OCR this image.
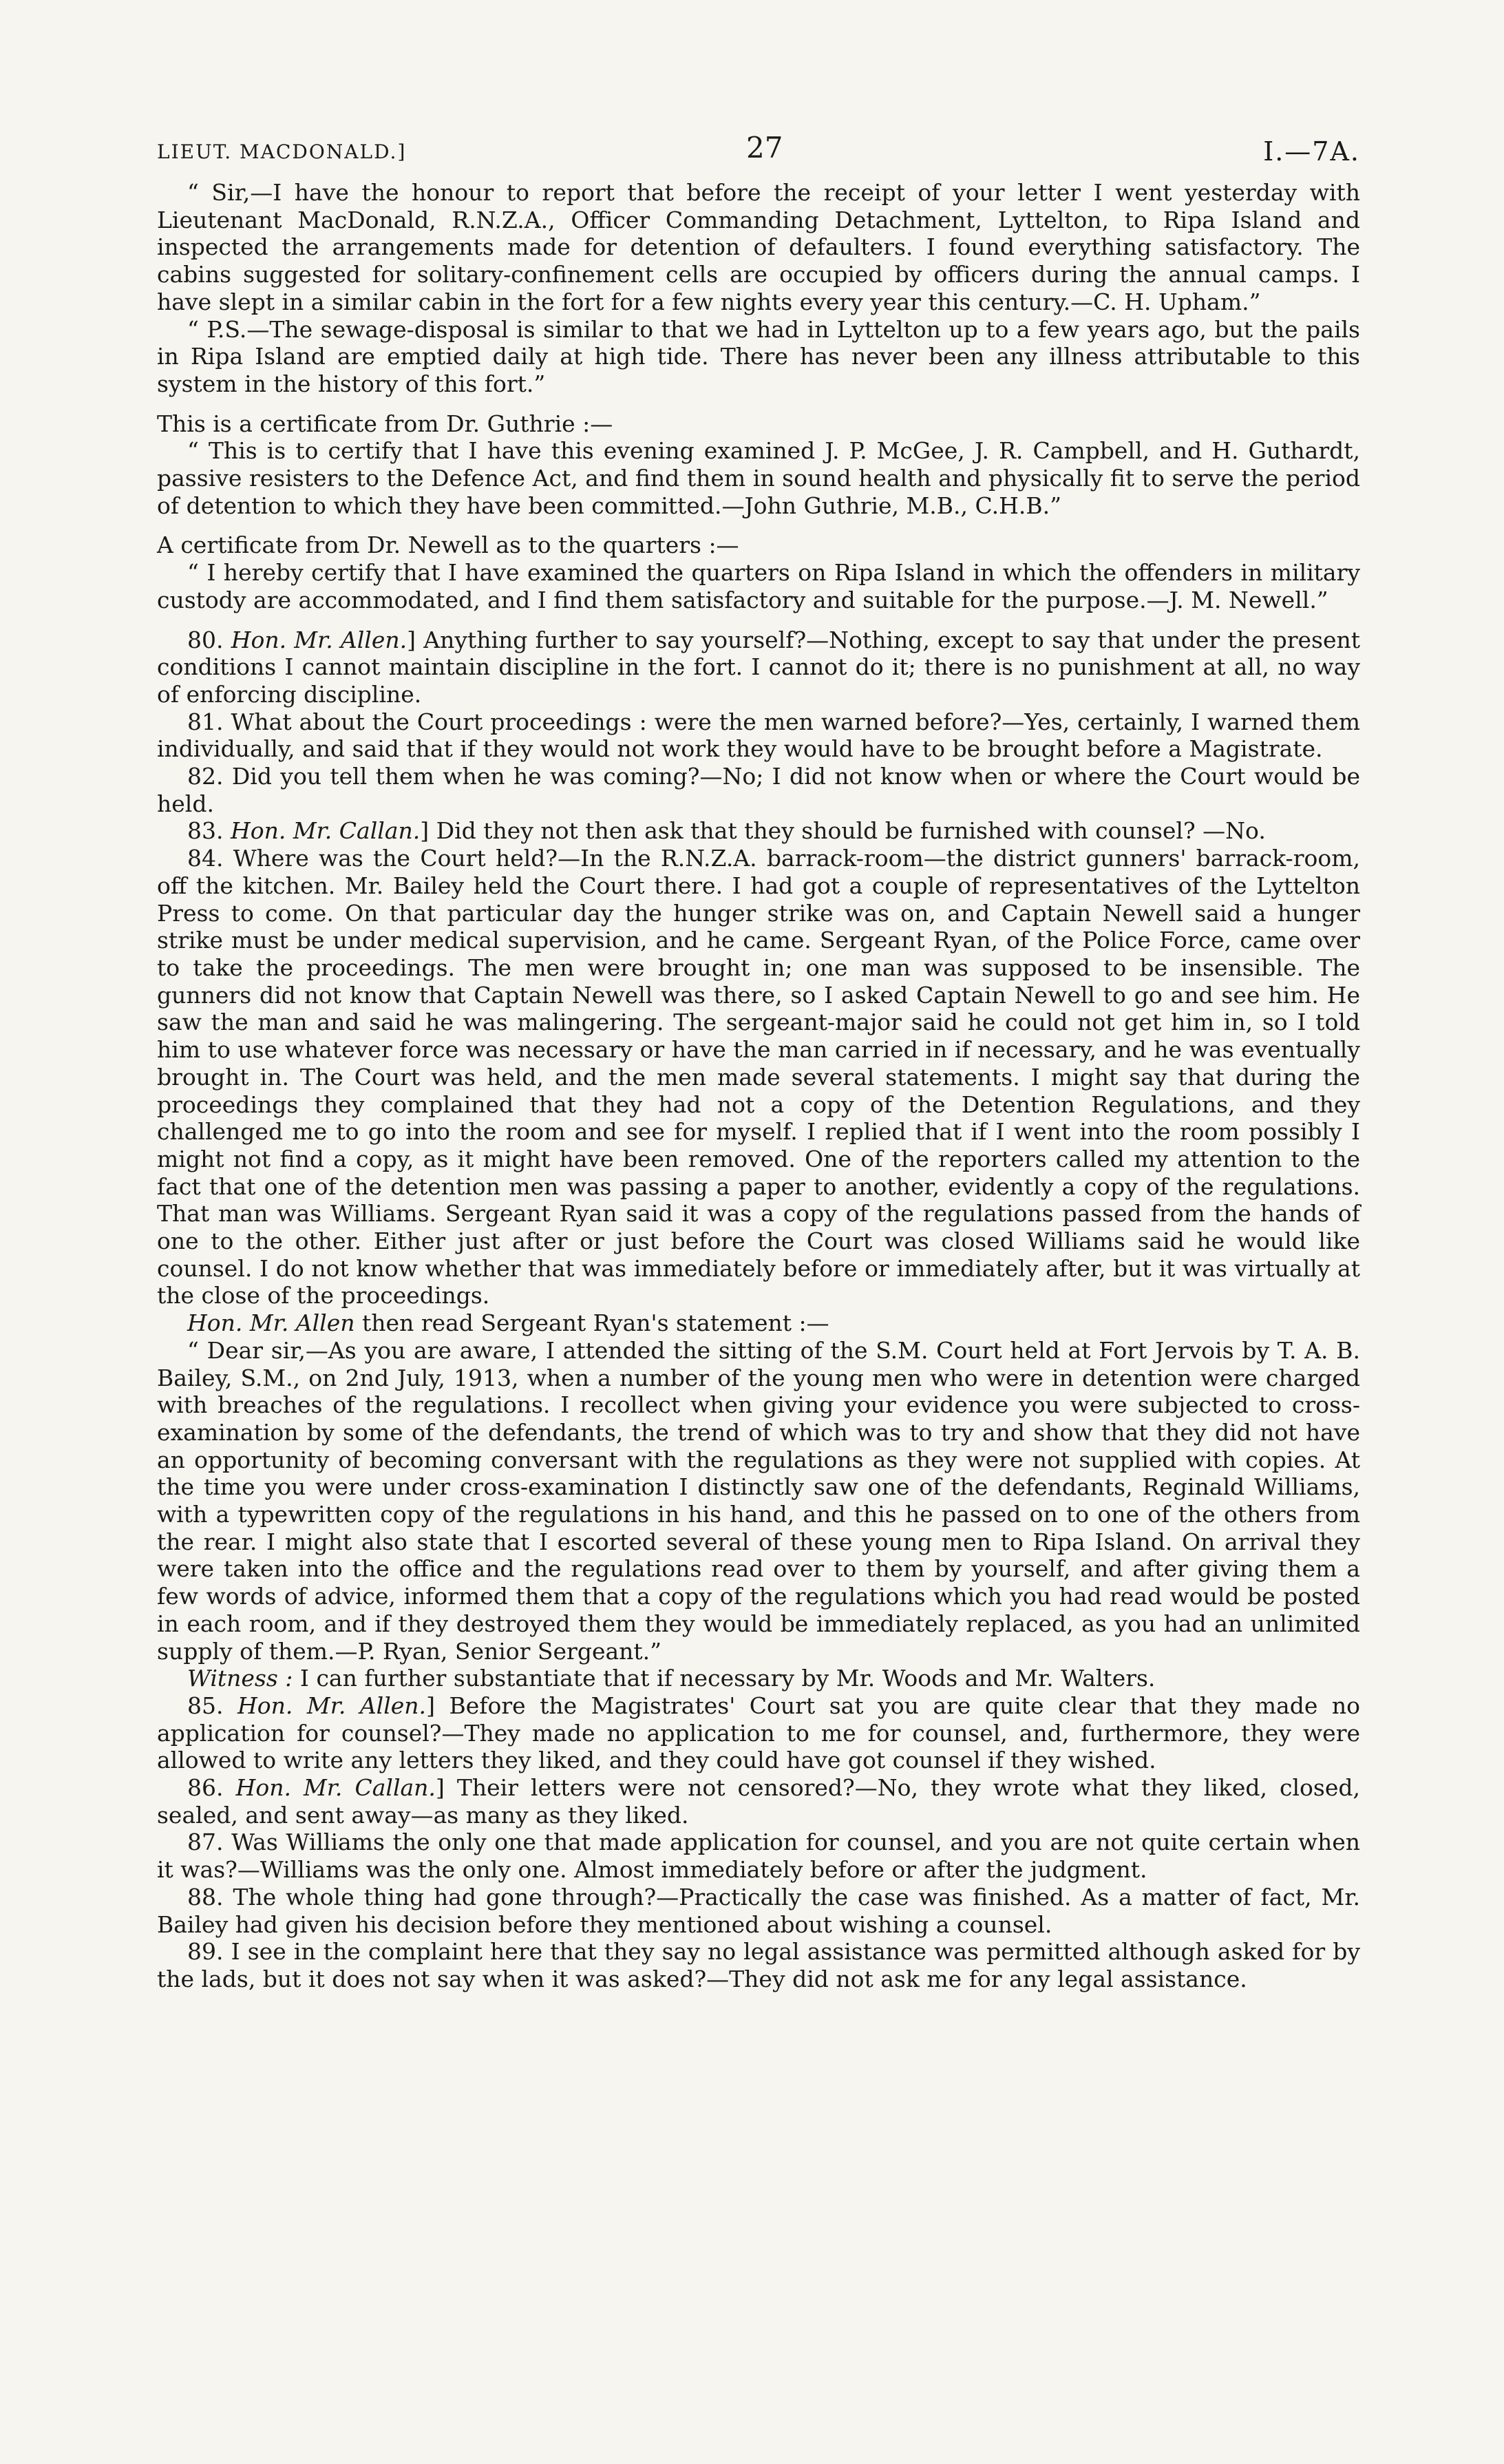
LIEUT. MACDONALD.]	27	I.—7A.

“ Sir,—I have the honour to report that before the receipt of your letter I went yesterday with Lieutenant MacDonald, R.N.Z.A., Officer Commanding Detachment, Lyttelton, to Ripa Island and inspected the arrangements made for detention of defaulters. I found everything satisfactory. The cabins suggested for solitary-confinement cells are occupied by officers during the annual camps. I have slept in a similar cabin in the fort for a few nights every year this century.—C. H. Upham.”

“ P.S.—The sewage-disposal is similar to that we had in Lyttelton up to a few years ago, but the pails in Ripa Island are emptied daily at high tide. There has never been any illness attributable to this system in the history of this fort.”

This is a certificate from Dr. Guthrie :—

“ This is to certify that I have this evening examined J. P. McGee, J. R. Campbell, and H. Guthardt, passive resisters to the Defence Act, and find them in sound health and physically fit to serve the period of detention to which they have been committed.—John Guthrie, M.B., C.H.B.”

A certificate from Dr. Newell as to the quarters :—

“ I hereby certify that I have examined the quarters on Ripa Island in which the offenders in military custody are accommodated, and I find them satisfactory and suitable for the purpose.—J. M. Newell.”

80. Hon. Mr. Allen.] Anything further to say yourself?—Nothing, except to say that under the present conditions I cannot maintain discipline in the fort. I cannot do it; there is no punishment at all, no way of enforcing discipline.

81. What about the Court proceedings : were the men warned before?—Yes, certainly, I warned them individually, and said that if they would not work they would have to be brought before a Magistrate.

82. Did you tell them when he was coming?—No; I did not know when or where the Court would be held.

83. Hon. Mr. Callan.] Did they not then ask that they should be furnished with counsel? —No.

84. Where was the Court held?—In the R.N.Z.A. barrack-room—the district gunners' barrack-room, off the kitchen. Mr. Bailey held the Court there. I had got a couple of representatives of the Lyttelton Press to come. On that particular day the hunger strike was on, and Captain Newell said a hunger strike must be under medical supervision, and he came. Sergeant Ryan, of the Police Force, came over to take the proceedings. The men were brought in; one man was supposed to be insensible. The gunners did not know that Captain Newell was there, so I asked Captain Newell to go and see him. He saw the man and said he was malingering. The sergeant-major said he could not get him in, so I told him to use whatever force was necessary or have the man carried in if necessary, and he was eventually brought in. The Court was held, and the men made several statements. I might say that during the proceedings they complained that they had not a copy of the Detention Regulations, and they challenged me to go into the room and see for myself. I replied that if I went into the room possibly I might not find a copy, as it might have been removed. One of the reporters called my attention to the fact that one of the detention men was passing a paper to another, evidently a copy of the regulations. That man was Williams. Sergeant Ryan said it was a copy of the regulations passed from the hands of one to the other. Either just after or just before the Court was closed Williams said he would like counsel. I do not know whether that was immediately before or immediately after, but it was virtually at the close of the proceedings.

Hon. Mr. Allen then read Sergeant Ryan's statement :—

“ Dear sir,—As you are aware, I attended the sitting of the S.M. Court held at Fort Jervois by T. A. B. Bailey, S.M., on 2nd July, 1913, when a number of the young men who were in detention were charged with breaches of the regulations. I recollect when giving your evidence you were subjected to cross-examination by some of the defendants, the trend of which was to try and show that they did not have an opportunity of becoming conversant with the regulations as they were not supplied with copies. At the time you were under cross-examination I distinctly saw one of the defendants, Reginald Williams, with a typewritten copy of the regulations in his hand, and this he passed on to one of the others from the rear. I might also state that I escorted several of these young men to Ripa Island. On arrival they were taken into the office and the regulations read over to them by yourself, and after giving them a few words of advice, informed them that a copy of the regulations which you had read would be posted in each room, and if they destroyed them they would be immediately replaced, as you had an unlimited supply of them.—P. Ryan, Senior Sergeant.”

Witness : I can further substantiate that if necessary by Mr. Woods and Mr. Walters.

85. Hon. Mr. Allen.] Before the Magistrates' Court sat you are quite clear that they made no application for counsel?—They made no application to me for counsel, and, furthermore, they were allowed to write any letters they liked, and they could have got counsel if they wished.

86. Hon. Mr. Callan.] Their letters were not censored?—No, they wrote what they liked, closed, sealed, and sent away—as many as they liked.

87. Was Williams the only one that made application for counsel, and you are not quite certain when it was?—Williams was the only one. Almost immediately before or after the judgment.

88. The whole thing had gone through?—Practically the case was finished. As a matter of fact, Mr. Bailey had given his decision before they mentioned about wishing a counsel.

89. I see in the complaint here that they say no legal assistance was permitted although asked for by the lads, but it does not say when it was asked?—They did not ask me for any legal assistance.
